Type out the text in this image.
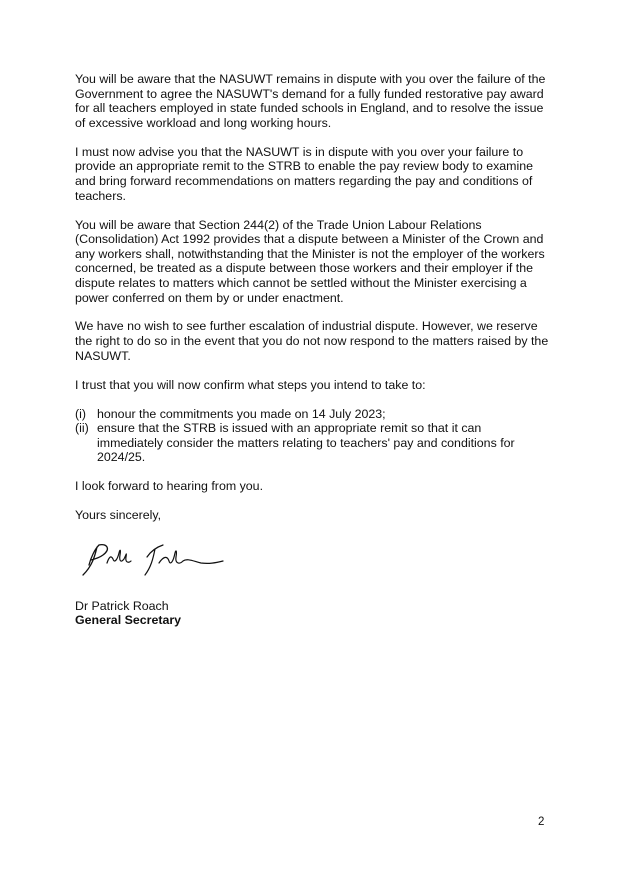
You will be aware that the NASUWT remains in dispute with you over the failure of the Government to agree the NASUWT's demand for a fully funded restorative pay award for all teachers employed in state funded schools in England, and to resolve the issue of excessive workload and long working hours.

I must now advise you that the NASUWT is in dispute with you over your failure to provide an appropriate remit to the STRB to enable the pay review body to examine and bring forward recommendations on matters regarding the pay and conditions of teachers.

You will be aware that Section 244(2) of the Trade Union Labour Relations (Consolidation) Act 1992 provides that a dispute between a Minister of the Crown and any workers shall, notwithstanding that the Minister is not the employer of the workers concerned, be treated as a dispute between those workers and their employer if the dispute relates to matters which cannot be settled without the Minister exercising a power conferred on them by or under enactment.

We have no wish to see further escalation of industrial dispute. However, we reserve the right to do so in the event that you do not now respond to the matters raised by the NASUWT.

I trust that you will now confirm what steps you intend to take to:

(i) honour the commitments you made on 14 July 2023;
(ii) ensure that the STRB is issued with an appropriate remit so that it can immediately consider the matters relating to teachers' pay and conditions for 2024/25.

I look forward to hearing from you.

Yours sincerely,

Dr Patrick Roach

General Secretary

2
